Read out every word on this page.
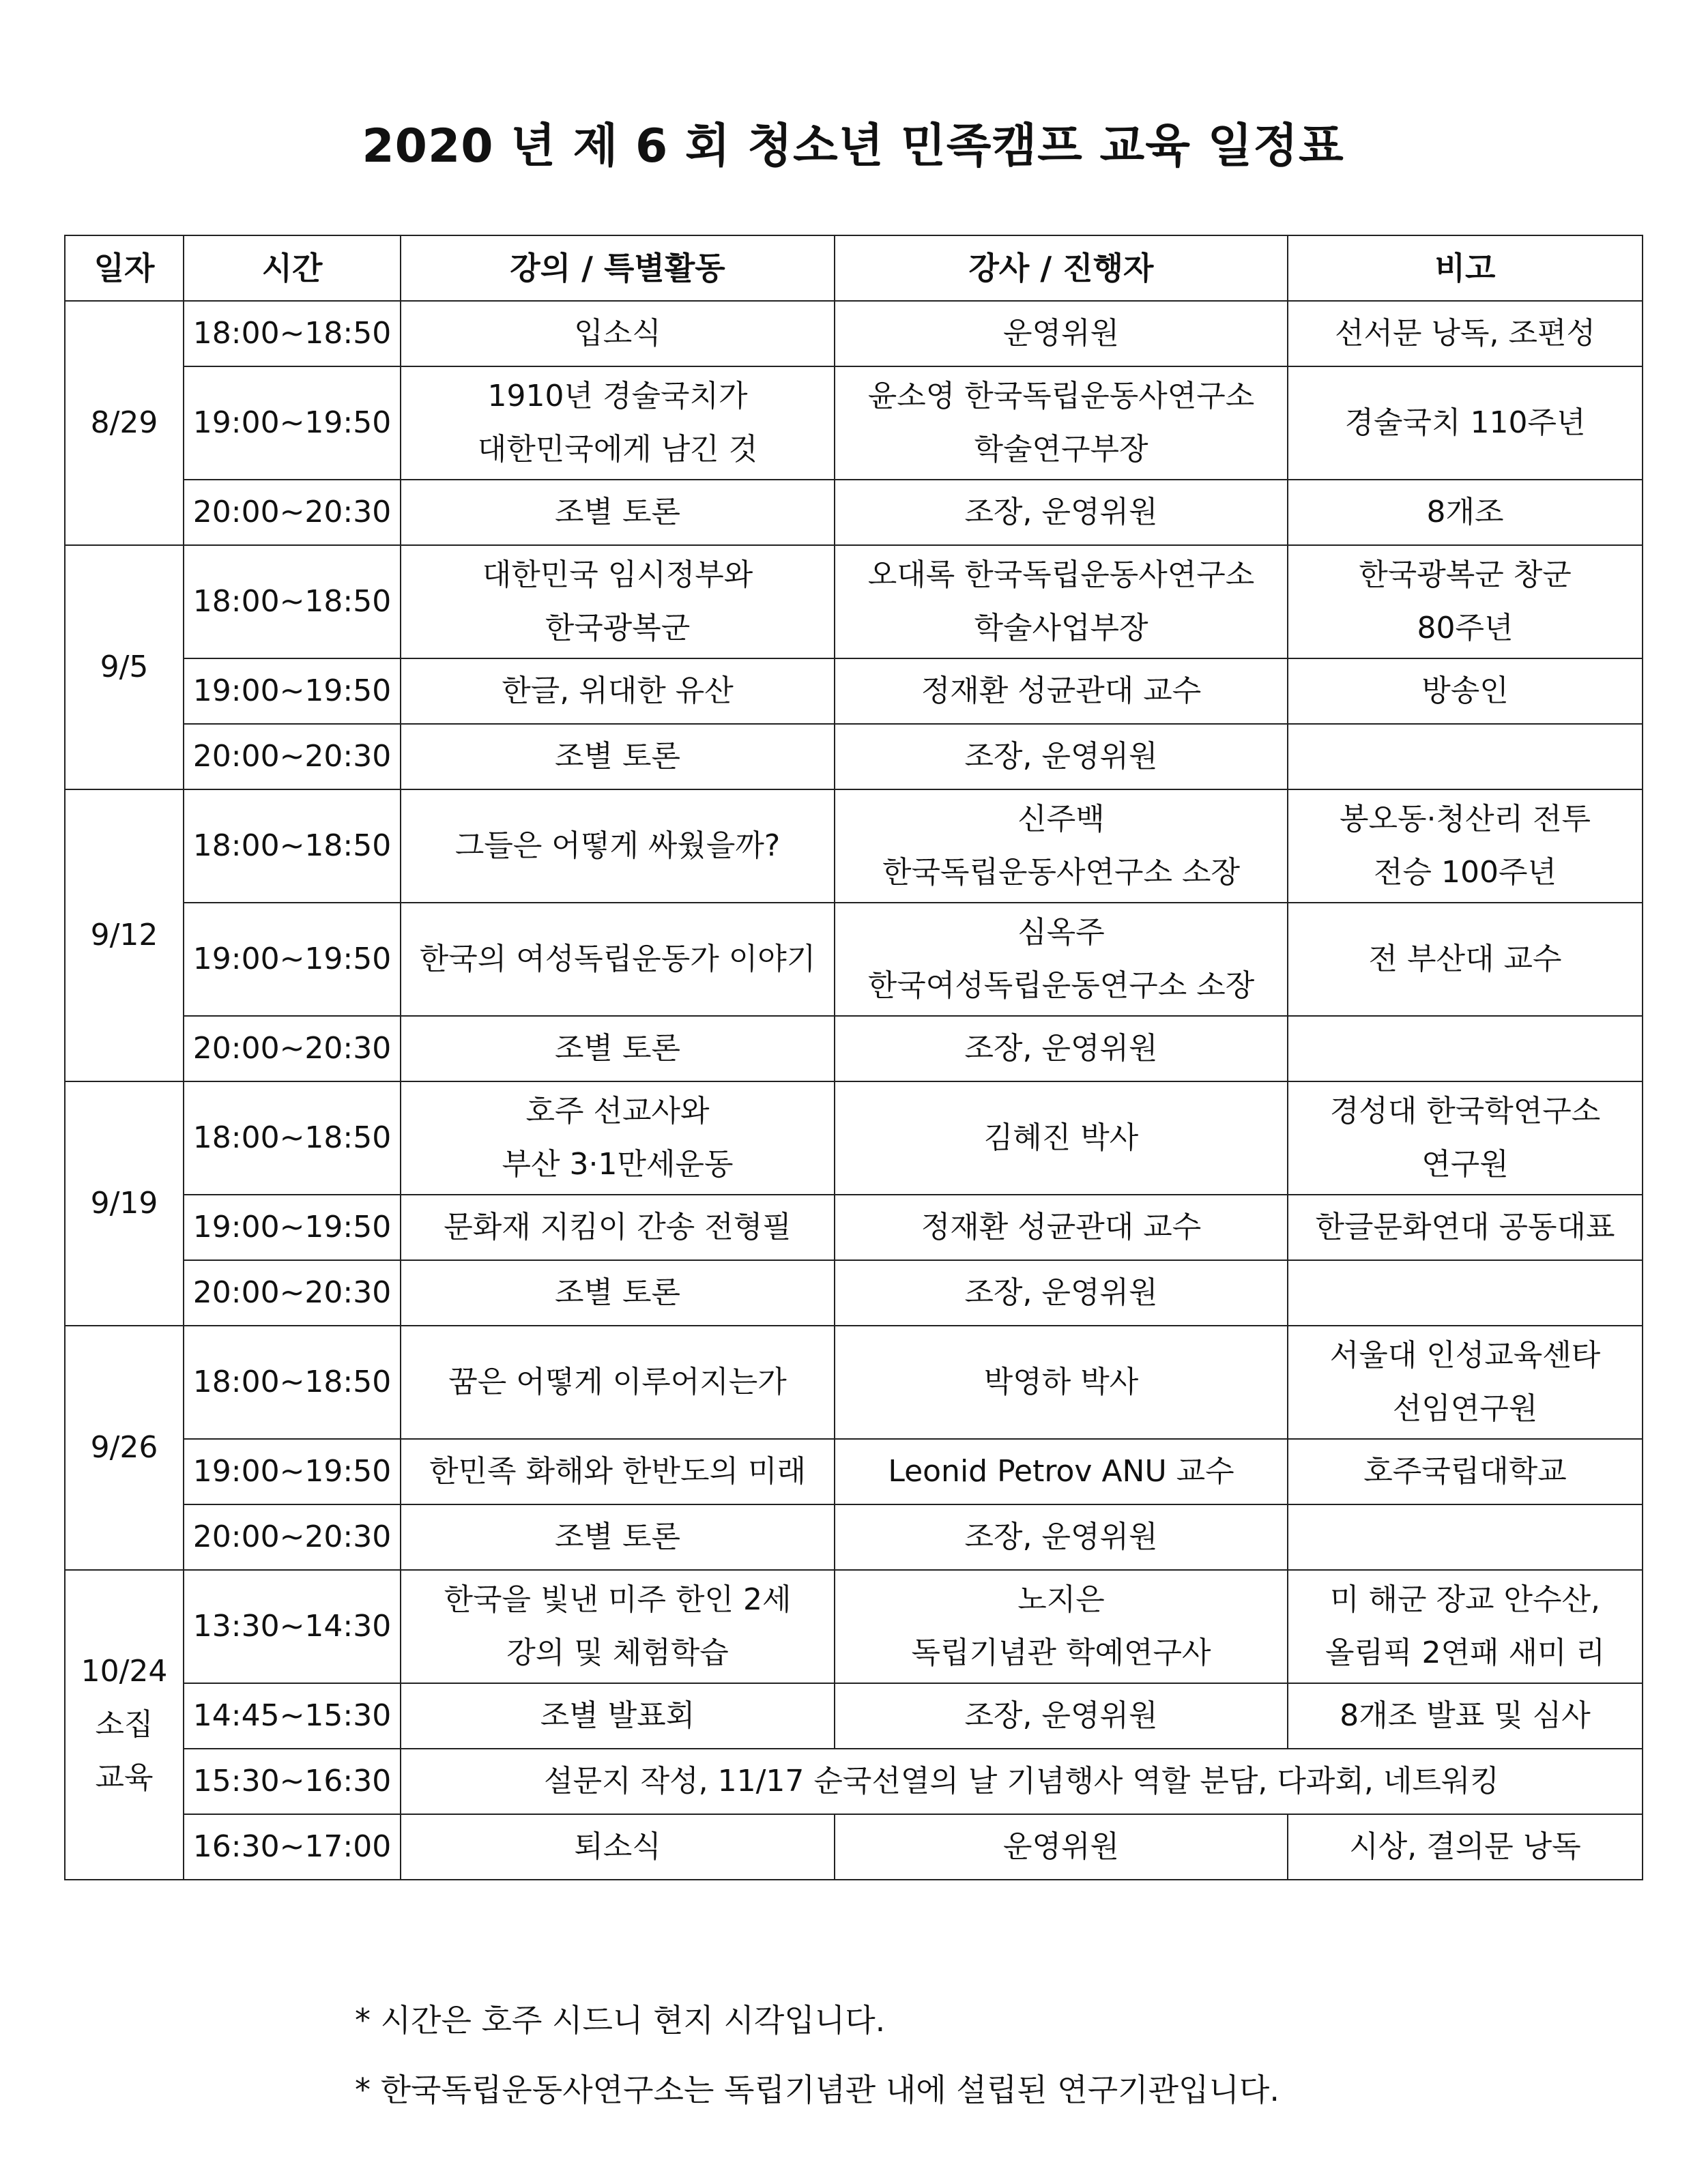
2020 년 제 6 회 청소년 민족캠프 교육 일정표
일자	시간	강의 / 특별활동	강사 / 진행자	비고

8/29	18:00~18:50	입소식	운영위원	선서문 낭독, 조편성

	19:00~19:50	1910년 경술국치가
대한민국에게 남긴 것	윤소영 한국독립운동사연구소
학술연구부장	경술국치 110주년

	20:00~20:30	조별 토론	조장, 운영위원	8개조

9/5	18:00~18:50	대한민국 임시정부와
한국광복군	오대록 한국독립운동사연구소
학술사업부장	한국광복군 창군
80주년

	19:00~19:50	한글, 위대한 유산	정재환 성균관대 교수	방송인

	20:00~20:30	조별 토론	조장, 운영위원	

9/12	18:00~18:50	그들은 어떻게 싸웠을까?	신주백
한국독립운동사연구소 소장	봉오동·청산리 전투
전승 100주년

	19:00~19:50	한국의 여성독립운동가 이야기	심옥주
한국여성독립운동연구소 소장	전 부산대 교수

	20:00~20:30	조별 토론	조장, 운영위원	

9/19	18:00~18:50	호주 선교사와
부산 3·1만세운동	김혜진 박사	경성대 한국학연구소
연구원

	19:00~19:50	문화재 지킴이 간송 전형필	정재환 성균관대 교수	한글문화연대 공동대표

	20:00~20:30	조별 토론	조장, 운영위원	

9/26	18:00~18:50	꿈은 어떻게 이루어지는가	박영하 박사	서울대 인성교육센타
선임연구원

	19:00~19:50	한민족 화해와 한반도의 미래	Leonid Petrov ANU 교수	호주국립대학교

	20:00~20:30	조별 토론	조장, 운영위원	

10/24
소집
교육	13:30~14:30	한국을 빛낸 미주 한인 2세
강의 및 체험학습	노지은
독립기념관 학예연구사	미 해군 장교 안수산,
올림픽 2연패 새미 리

	14:45~15:30	조별 발표회	조장, 운영위원	8개조 발표 및 심사

	15:30~16:30	설문지 작성, 11/17 순국선열의 날 기념행사 역할 분담, 다과회, 네트워킹		
	16:30~17:00	퇴소식	운영위원	시상, 결의문 낭독
* 시간은 호주 시드니 현지 시각입니다.
* 한국독립운동사연구소는 독립기념관 내에 설립된 연구기관입니다.
